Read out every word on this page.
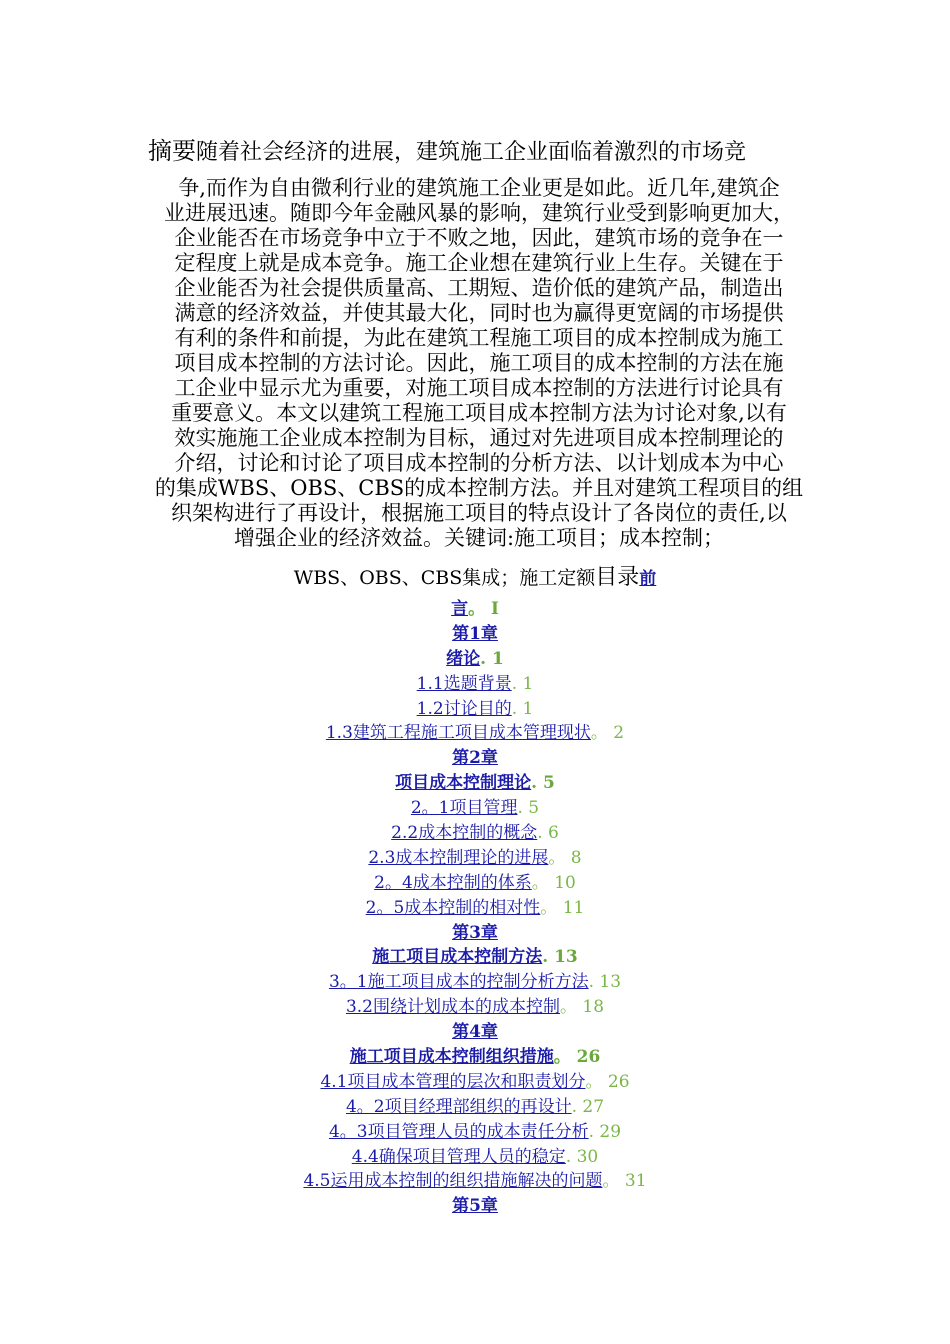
摘要随着社会经济的进展，建筑施工企业面临着激烈的市场竞
争,而作为自由微利行业的建筑施工企业更是如此。近几年,建筑企
业进展迅速。随即今年金融风暴的影响，建筑行业受到影响更加大，
企业能否在市场竞争中立于不败之地，因此，建筑市场的竞争在一
定程度上就是成本竞争。施工企业想在建筑行业上生存。关键在于
企业能否为社会提供质量高、工期短、造价低的建筑产品，制造出
满意的经济效益，并使其最大化，同时也为赢得更宽阔的市场提供
有利的条件和前提，为此在建筑工程施工项目的成本控制成为施工
项目成本控制的方法讨论。因此，施工项目的成本控制的方法在施
工企业中显示尤为重要，对施工项目成本控制的方法进行讨论具有
重要意义。本文以建筑工程施工项目成本控制方法为讨论对象,以有
效实施施工企业成本控制为目标，通过对先进项目成本控制理论的
介绍，讨论和讨论了项目成本控制的分析方法、以计划成本为中心
的集成WBS、OBS、CBS的成本控制方法。并且对建筑工程项目的组
织架构进行了再设计，根据施工项目的特点设计了各岗位的责任,以
增强企业的经济效益。关键词:施工项目；成本控制；
WBS、OBS、CBS集成；施工定额目录前
言。 I
第1章
绪论. 1
1.1选题背景. 1
1.2讨论目的. 1
1.3建筑工程施工项目成本管理现状。 2
第2章
项目成本控制理论. 5
2。1项目管理. 5
2.2成本控制的概念. 6
2.3成本控制理论的进展。 8
2。4成本控制的体系。 10
2。5成本控制的相对性。 11
第3章
施工项目成本控制方法. 13
3。1施工项目成本的控制分析方法. 13
3.2围绕计划成本的成本控制。 18
第4章
施工项目成本控制组织措施。 26
4.1项目成本管理的层次和职责划分。 26
4。2项目经理部组织的再设计. 27
4。3项目管理人员的成本责任分析. 29
4.4确保项目管理人员的稳定. 30
4.5运用成本控制的组织措施解决的问题。 31
第5章
